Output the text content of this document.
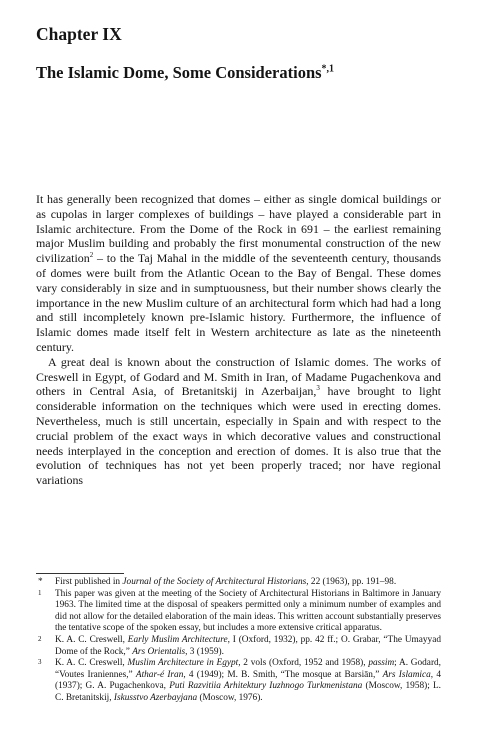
Chapter IX
The Islamic Dome, Some Considerations$^{*,1}$

It has generally been recognized that domes – either as single domical buildings or as cupolas in larger complexes of buildings – have played a considerable part in Islamic architecture. From the Dome of the Rock in 691 – the earliest remaining major Muslim building and probably the first monumental construction of the new civilization$^2$ – to the Taj Mahal in the middle of the seventeenth century, thousands of domes were built from the Atlantic Ocean to the Bay of Bengal. These domes vary considerably in size and in sumptuousness, but their number shows clearly the importance in the new Muslim culture of an architectural form which had had a long and still incompletely known pre-Islamic history. Furthermore, the influence of Islamic domes made itself felt in Western architecture as late as the nineteenth century.

A great deal is known about the construction of Islamic domes. The works of Creswell in Egypt, of Godard and M. Smith in Iran, of Madame Pugachenkova and others in Central Asia, of Bretanitskij in Azerbaijan,$^3$ have brought to light considerable information on the techniques which were used in erecting domes. Nevertheless, much is still uncertain, especially in Spain and with respect to the crucial problem of the exact ways in which decorative values and constructional needs interplayed in the conception and erection of domes. It is also true that the evolution of techniques has not yet been properly traced; nor have regional variations

* First published in Journal of the Society of Architectural Historians, 22 (1963), pp. 191–98.
1 This paper was given at the meeting of the Society of Architectural Historians in Baltimore in January 1963. The limited time at the disposal of speakers permitted only a minimum number of examples and did not allow for the detailed elaboration of the main ideas. This written account substantially preserves the tentative scope of the spoken essay, but includes a more extensive critical apparatus.
2 K. A. C. Creswell, Early Muslim Architecture, I (Oxford, 1932), pp. 42 ff.; O. Grabar, “The Umayyad Dome of the Rock,” Ars Orientalis, 3 (1959).
3 K. A. C. Creswell, Muslim Architecture in Egypt, 2 vols (Oxford, 1952 and 1958), passim; A. Godard, “Voutes Iraniennes,” Athar-é Iran, 4 (1949); M. B. Smith, “The mosque at Barsiān,” Ars Islamica, 4 (1937); G. A. Pugachenkova, Puti Razvitiia Arhitektury Iuzhnogo Turkmenistana (Moscow, 1958); L. C. Bretanitskij, Iskusstvo Azerbayjana (Moscow, 1976).
